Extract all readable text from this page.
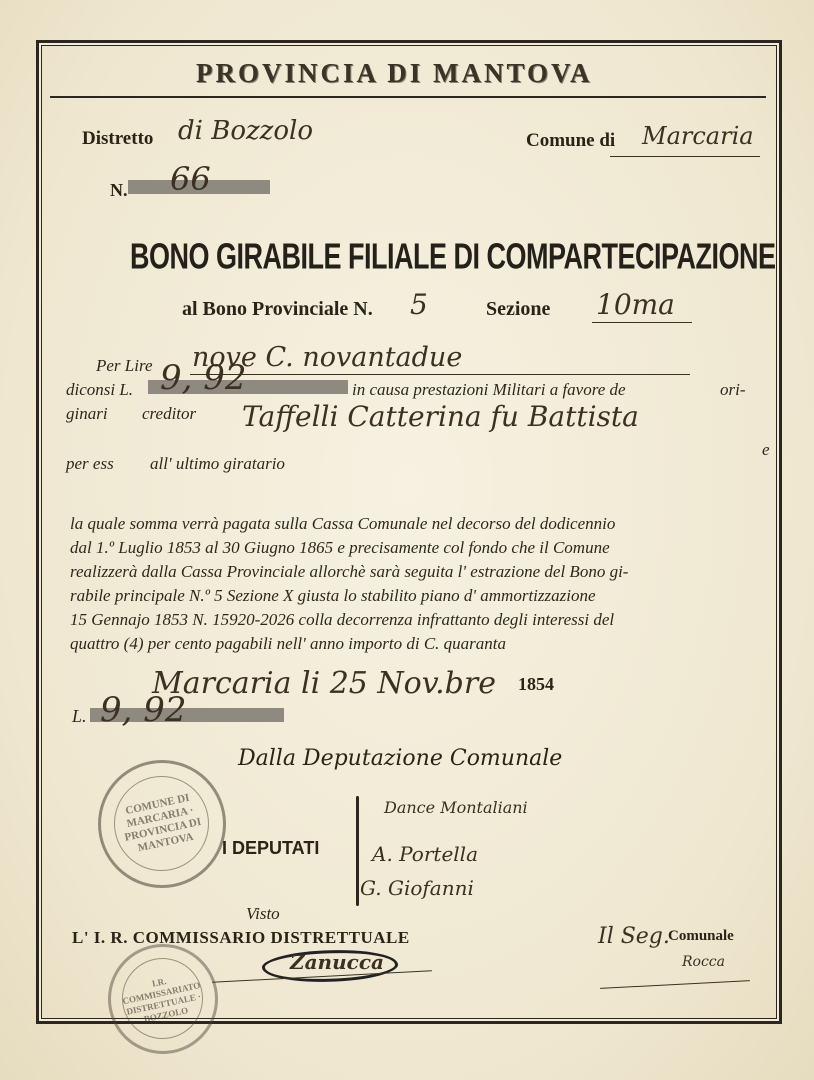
PROVINCIA DI MANTOVA
Distretto di Bozzolo	Comune di Marcaria
N. 66
BONO GIRABILE FILIALE DI COMPARTECIPAZIONE
al Bono Provinciale N. 5	Sezione 10ma
Per Lire nove C. novantadue
diconsi L. 9, 92	in causa prestazioni Militari a favore de	ori-
ginari creditor Taffelli Catterina fu Battista
e
per ess all' ultimo giratario
la quale somma verrà pagata sulla Cassa Comunale nel decorso del dodicennio
dal 1.º Luglio 1853 al 30 Giugno 1865 e precisamente col fondo che il Comune
realizzerà dalla Cassa Provinciale allorchè sarà seguita l' estrazione del Bono gi-
rabile principale N.º 5 Sezione X giusta lo stabilito piano d' ammortizzazione
15 Gennajo 1853 N. 15920-2026 colla decorrenza infrattanto degli interessi del
quattro (4) per cento pagabili nell' anno importo di C. quaranta
Marcaria li 25 Nov.bre 1854
L. 9, 92
Dalla Deputazione Comunale
COMUNE DI MARCARIA · PROVINCIA DI MANTOVA	I DEPUTATI
Dance Montaliani
A. Portella
G. Giofanni
Visto
L' I. R. COMMISSARIO DISTRETTUALE	Il Seg.
Comunale
Rocca
Zanucca
I.R. COMMISSARIATO DISTRETTUALE · BOZZOLO
